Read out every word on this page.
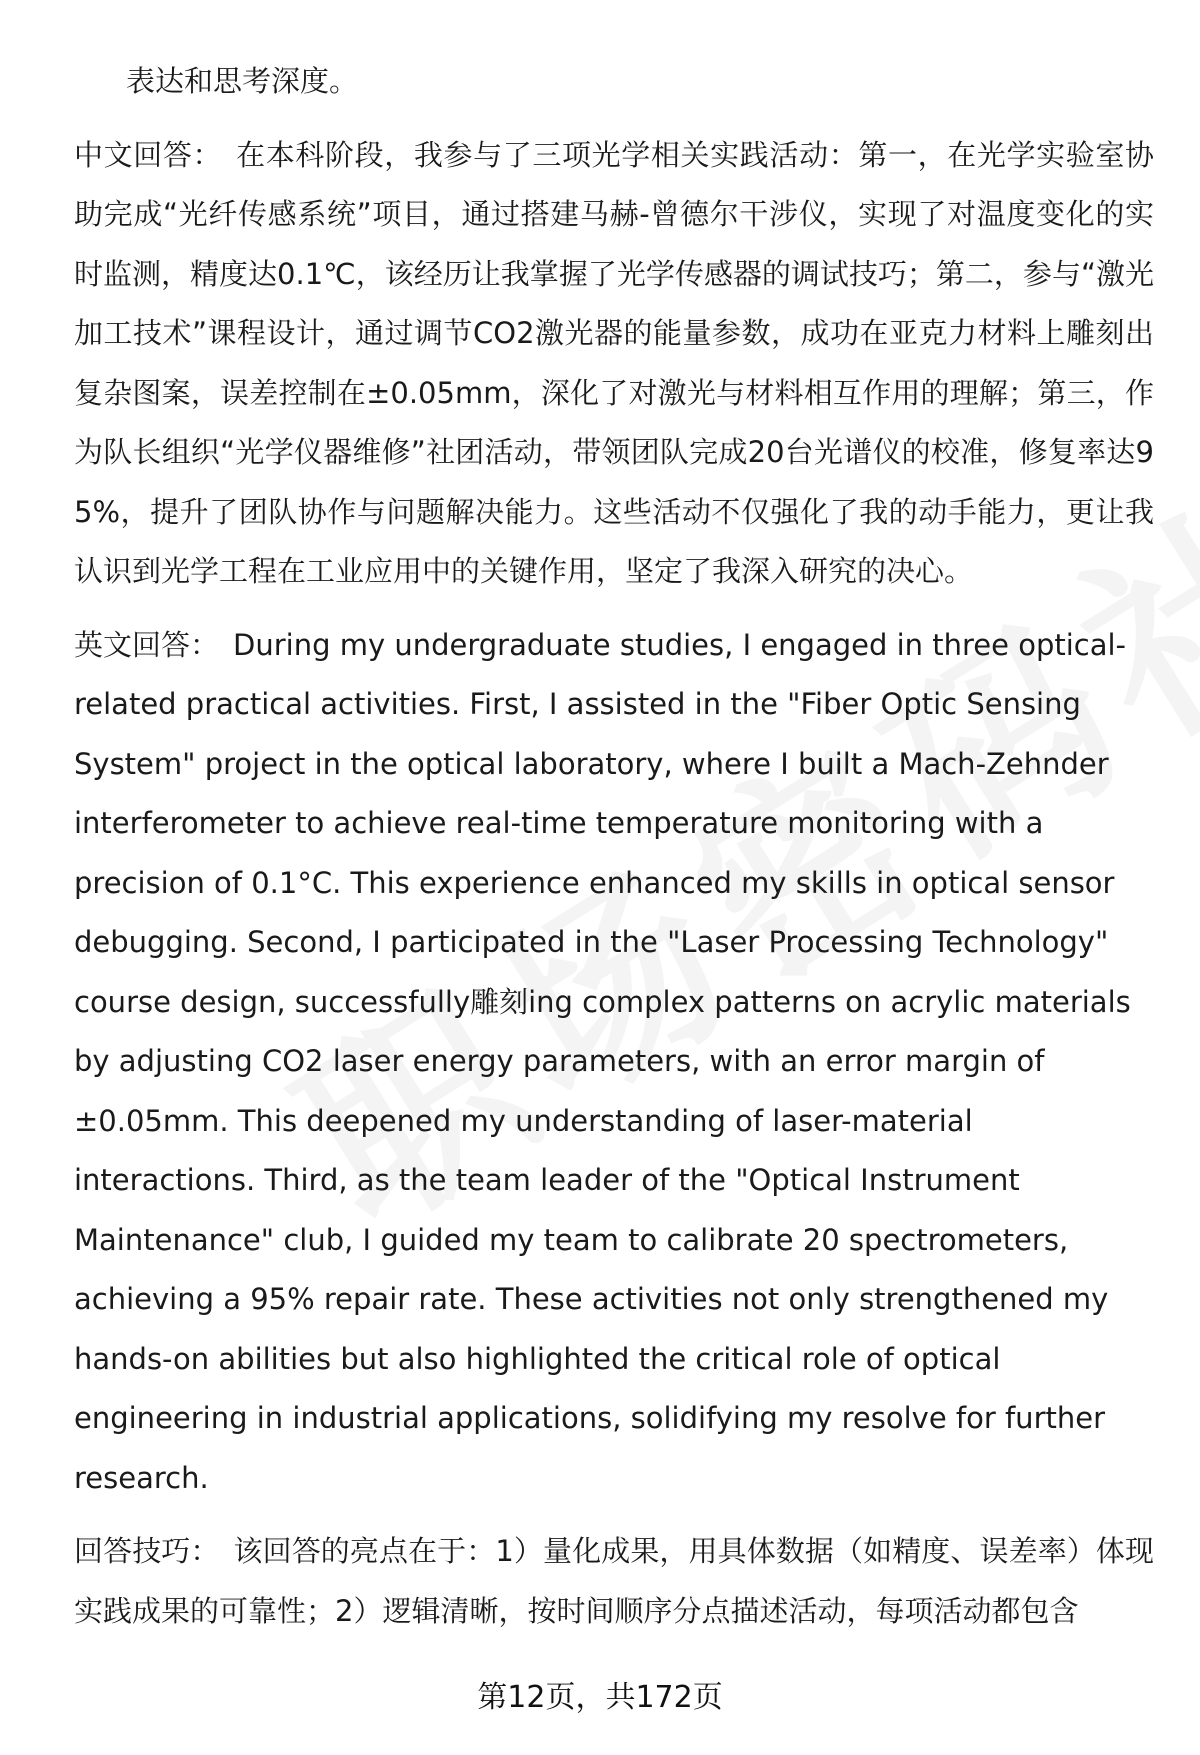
表达和思考深度。

中文回答： 在本科阶段，我参与了三项光学相关实践活动：第一，在光学实验室协助完成“光纤传感系统”项目，通过搭建马赫-曾德尔干涉仪，实现了对温度变化的实时监测，精度达0.1℃，该经历让我掌握了光学传感器的调试技巧；第二，参与“激光加工技术”课程设计，通过调节CO2激光器的能量参数，成功在亚克力材料上雕刻出复杂图案，误差控制在±0.05mm，深化了对激光与材料相互作用的理解；第三，作为队长组织“光学仪器维修”社团活动，带领团队完成20台光谱仪的校准，修复率达95%，提升了团队协作与问题解决能力。这些活动不仅强化了我的动手能力，更让我认识到光学工程在工业应用中的关键作用，坚定了我深入研究的决心。

英文回答： During my undergraduate studies, I engaged in three optical-related practical activities. First, I assisted in the "Fiber Optic Sensing System" project in the optical laboratory, where I built a Mach-Zehnder interferometer to achieve real-time temperature monitoring with a precision of 0.1°C. This experience enhanced my skills in optical sensor debugging. Second, I participated in the "Laser Processing Technology" course design, successfully雕刻ing complex patterns on acrylic materials by adjusting CO2 laser energy parameters, with an error margin of ±0.05mm. This deepened my understanding of laser-material interactions. Third, as the team leader of the "Optical Instrument Maintenance" club, I guided my team to calibrate 20 spectrometers, achieving a 95% repair rate. These activities not only strengthened my hands-on abilities but also highlighted the critical role of optical engineering in industrial applications, solidifying my resolve for further research.

回答技巧： 该回答的亮点在于：1）量化成果，用具体数据（如精度、误差率）体现实践成果的可靠性；2）逻辑清晰，按时间顺序分点描述活动，每项活动都包含

第12页，共172页
